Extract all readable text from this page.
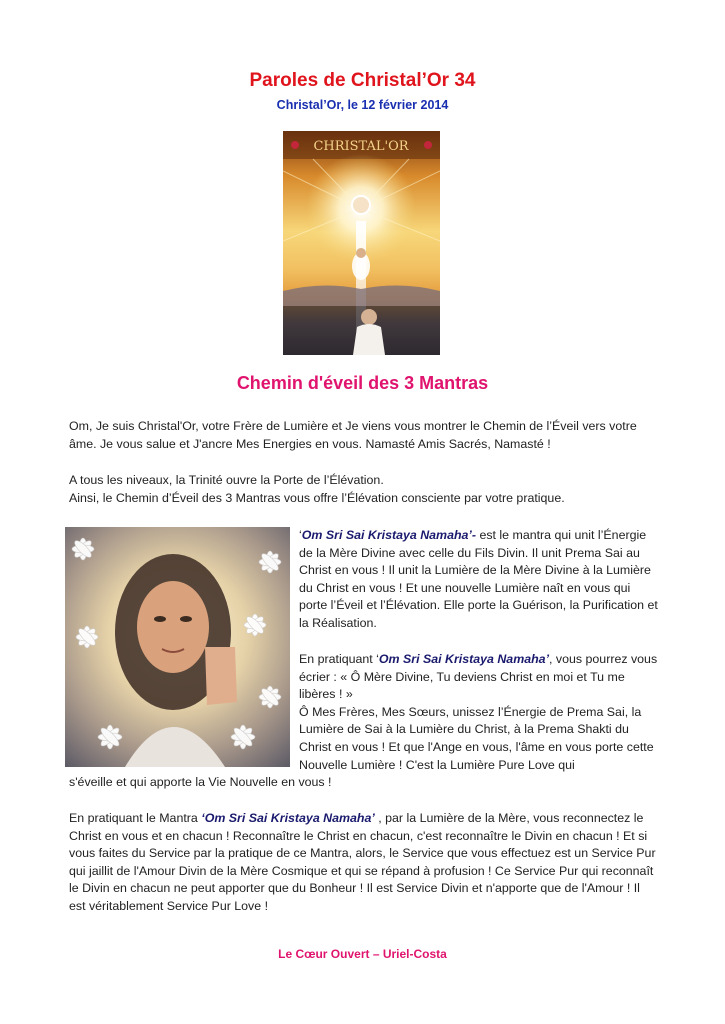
Paroles de Christal’Or 34
Christal’Or, le 12 février 2014
CHRISTAL'OR
Chemin d'éveil des 3 Mantras

Om, Je suis Christal'Or, votre Frère de Lumière et Je viens vous montrer le Chemin de l’Éveil vers votre âme. Je vous salue et J'ancre Mes Energies en vous. Namasté Amis Sacrés, Namasté !

A tous les niveaux, la Trinité ouvre la Porte de l’Élévation.
Ainsi, le Chemin d’Éveil des 3 Mantras vous offre l’Élévation consciente par votre pratique.

‘Om Sri Sai Kristaya Namaha’- est le mantra qui unit l’Énergie de la Mère Divine avec celle du Fils Divin. Il unit Prema Sai au Christ en vous ! Il unit la Lumière de la Mère Divine à la Lumière du Christ en vous ! Et une nouvelle Lumière naît en vous qui porte l’Éveil et l’Élévation. Elle porte la Guérison, la Purification et la Réalisation.

En pratiquant ‘Om Sri Sai Kristaya Namaha’, vous pourrez vous écrier : « Ô Mère Divine, Tu deviens Christ en moi et Tu me libères ! »
Ô Mes Frères, Mes Sœurs, unissez l’Énergie de Prema Sai, la Lumière de Sai à la Lumière du Christ, à la Prema Shakti du Christ en vous ! Et que l'Ange en vous, l'âme en vous porte cette Nouvelle Lumière ! C'est la Lumière Pure Love qui

s'éveille et qui apporte la Vie Nouvelle en vous !

En pratiquant le Mantra ‘Om Sri Sai Kristaya Namaha’ , par la Lumière de la Mère, vous reconnectez le Christ en vous et en chacun ! Reconnaître le Christ en chacun, c'est reconnaître le Divin en chacun ! Et si vous faites du Service par la pratique de ce Mantra, alors, le Service que vous effectuez est un Service Pur qui jaillit de l'Amour Divin de la Mère Cosmique et qui se répand à profusion ! Ce Service Pur qui reconnaît le Divin en chacun ne peut apporter que du Bonheur ! Il est Service Divin et n'apporte que de l'Amour ! Il est véritablement Service Pur Love !

Le Cœur Ouvert – Uriel-Costa
